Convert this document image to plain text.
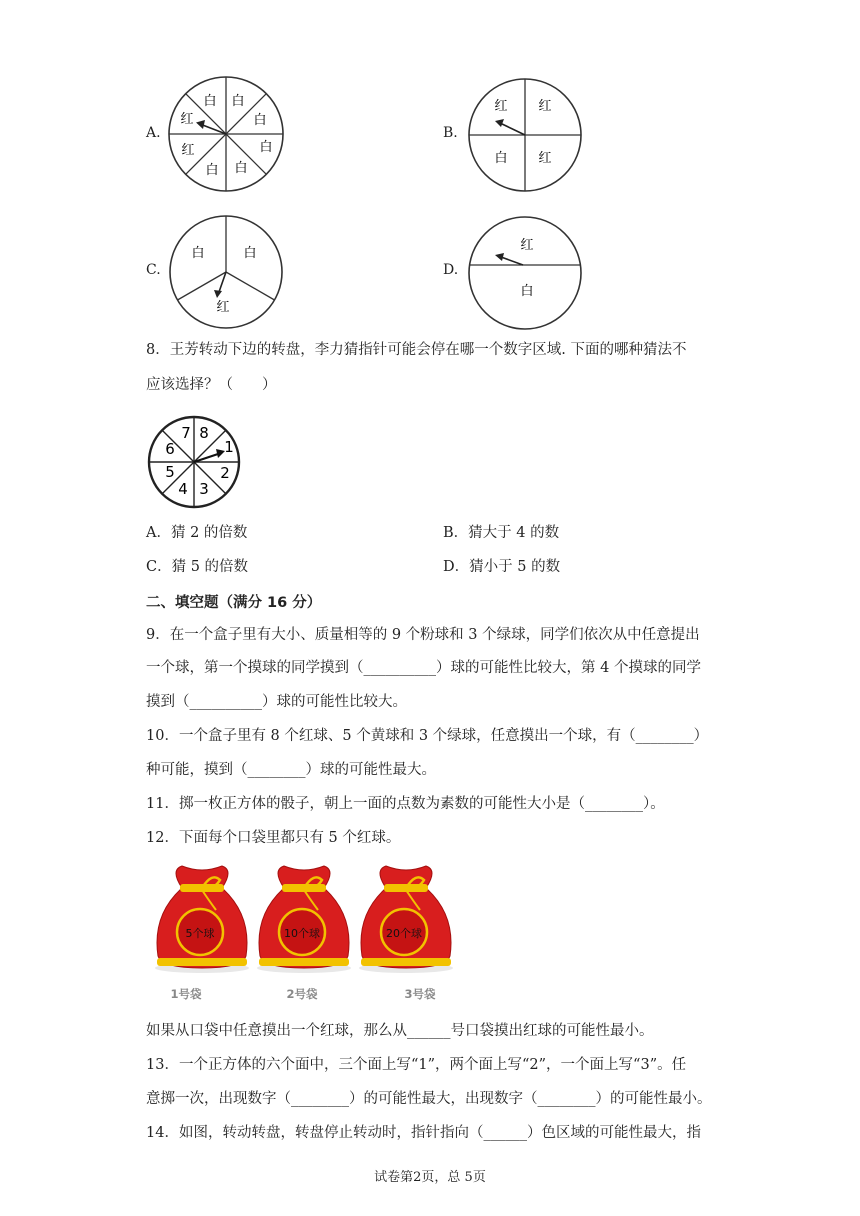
A.
白 白
白
白
白
白
红
红
B.
红 红
白 红
C.
白	白
红
D.
红
白
8．王芳转动下边的转盘，李力猜指针可能会停在哪一个数字区域. 下面的哪种猜法不
应该选择？（　　）
1
2
3
4
5
6
7 8
A．猜 2 的倍数	B．猜大于 4 的数
C．猜 5 的倍数	D．猜小于 5 的数
二、填空题（满分 16 分）
9．在一个盒子里有大小、质量相等的 9 个粉球和 3 个绿球，同学们依次从中任意提出
一个球，第一个摸球的同学摸到（__________）球的可能性比较大，第 4 个摸球的同学
摸到（__________）球的可能性比较大。
10．一个盒子里有 8 个红球、5 个黄球和 3 个绿球，任意摸出一个球，有（________）
种可能，摸到（________）球的可能性最大。
11．掷一枚正方体的骰子，朝上一面的点数为素数的可能性大小是（________）。
12．下面每个口袋里都只有 5 个红球。
5个球	10个球	20个球
1号袋	2号袋	3号袋
如果从口袋中任意摸出一个红球，那么从______号口袋摸出红球的可能性最小。
13．一个正方体的六个面中，三个面上写“1”，两个面上写“2”，一个面上写“3”。任
意掷一次，出现数字（________）的可能性最大，出现数字（________）的可能性最小。
14．如图，转动转盘，转盘停止转动时，指针指向（______）色区域的可能性最大，指
试卷第2页，总 5页
